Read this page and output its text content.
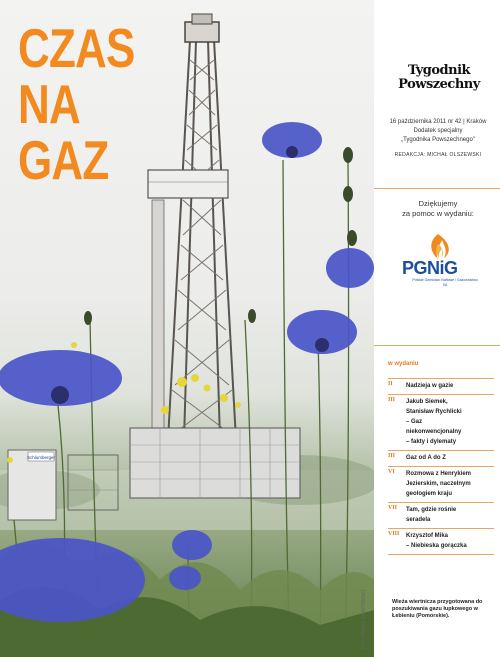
Schlumberger
CZAS
NA
GAZ
FOT. PAWEŁ ULATOWSKI
Tygodnik
Powszechny
16 października 2011 nr 42 | Kraków
Dodatek specjalny
„Tygodnika Powszechnego"
REDAKCJA: MICHAŁ OLSZEWSKI
Dziękujemy
za pomoc w wydaniu:
PGNiG
Polskie Górnictwo Naftowe i Gazownictwo SA
w wydaniu
II	Nadzieja w gazie
III	Jakub Siemek,
Stanisław Rychlicki
– Gaz
niekonwencjonalny
– fakty i dylematy
III	Gaz od A do Z
VI	Rozmowa z Henrykiem
Jezierskim, naczelnym
geologiem kraju
VII	Tam, gdzie rośnie
seradela
VIII	Krzysztof Mika
– Niebieska gorączka
Wieża wiertnicza przygotowana do poszukiwania gazu łupkowego w Łebieniu (Pomorskie).
